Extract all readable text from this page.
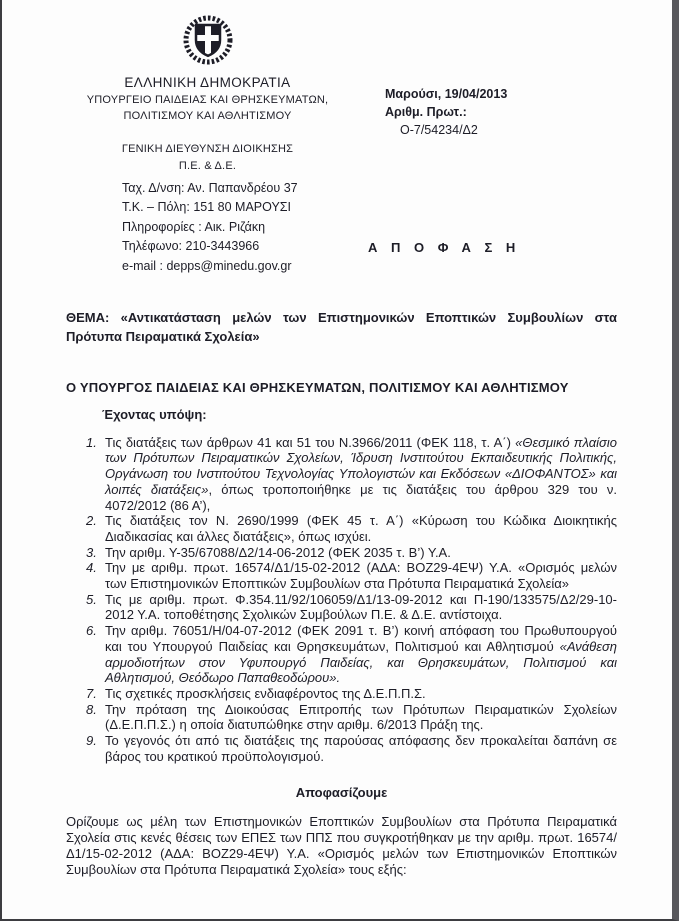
ΕΛΛΗΝΙΚΗ ΔΗΜΟΚΡΑΤΙΑ
ΥΠΟΥΡΓΕΙΟ ΠΑΙΔΕΙΑΣ ΚΑΙ ΘΡΗΣΚΕΥΜΑΤΩΝ,
ΠΟΛΙΤΙΣΜΟΥ ΚΑΙ ΑΘΛΗΤΙΣΜΟΥ
ΓΕΝΙΚΗ ΔΙΕΥΘΥΝΣΗ ΔΙΟΙΚΗΣΗΣ
Π.Ε. & Δ.Ε.
Ταχ. Δ/νση: Αν. Παπανδρέου 37
Τ.Κ. – Πόλη: 151 80 ΜΑΡΟΥΣΙ
Πληροφορίες : Αικ. Ριζάκη
Τηλέφωνο: 210-3443966
e-mail : depps@minedu.gov.gr
Μαρούσι, 19/04/2013
Αριθμ. Πρωτ.:
Ο-7/54234/Δ2
Α Π Ο Φ Α Σ Η
ΘΕΜΑ: «Αντικατάσταση μελών των Επιστημονικών Εποπτικών Συμβουλίων στα Πρότυπα Πειραματικά Σχολεία»
Ο ΥΠΟΥΡΓΟΣ ΠΑΙΔΕΙΑΣ ΚΑΙ ΘΡΗΣΚΕΥΜΑΤΩΝ, ΠΟΛΙΤΙΣΜΟΥ ΚΑΙ ΑΘΛΗΤΙΣΜΟΥ
Έχοντας υπόψη:
1. Τις διατάξεις των άρθρων 41 και 51 του Ν.3966/2011 (ΦΕΚ 118, τ. Α΄) «Θεσμικό πλαίσιο των Πρότυπων Πειραματικών Σχολείων, Ίδρυση Ινστιτούτου Εκπαιδευτικής Πολιτικής, Οργάνωση του Ινστιτούτου Τεχνολογίας Υπολογιστών και Εκδόσεων «ΔΙΟΦΑΝΤΟΣ» και λοιπές διατάξεις», όπως τροποποιήθηκε με τις διατάξεις του άρθρου 329 του ν. 4072/2012 (86 Α’),
2. Τις διατάξεις τον Ν. 2690/1999 (ΦΕΚ 45 τ. Α΄) «Κύρωση του Κώδικα Διοικητικής Διαδικασίας και άλλες διατάξεις», όπως ισχύει.
3. Την αριθμ. Υ-35/67088/Δ2/14-06-2012 (ΦΕΚ 2035 τ. Β’) Υ.Α.
4. Την με αριθμ. πρωτ. 16574/Δ1/15-02-2012 (ΑΔΑ: ΒΟΖ29-4ΕΨ) Υ.Α. «Ορισμός μελών των Επιστημονικών Εποπτικών Συμβουλίων στα Πρότυπα Πειραματικά Σχολεία»
5. Τις με αριθμ. πρωτ. Φ.354.11/92/106059/Δ1/13-09-2012 και Π-190/133575/Δ2/29-10-2012 Υ.Α. τοποθέτησης Σχολικών Συμβούλων Π.Ε. & Δ.Ε. αντίστοιχα.
6. Την αριθμ. 76051/Η/04-07-2012 (ΦΕΚ 2091 τ. Β’) κοινή απόφαση του Πρωθυπουργού και του Υπουργού Παιδείας και Θρησκευμάτων, Πολιτισμού και Αθλητισμού «Ανάθεση αρμοδιοτήτων στον Υφυπουργό Παιδείας, και Θρησκευμάτων, Πολιτισμού και Αθλητισμού, Θεόδωρο Παπαθεοδώρου».
7. Τις σχετικές προσκλήσεις ενδιαφέροντος της Δ.Ε.Π.Π.Σ.
8. Την πρόταση της Διοικούσας Επιτροπής των Πρότυπων Πειραματικών Σχολείων (Δ.Ε.Π.Π.Σ.) η οποία διατυπώθηκε στην αριθμ. 6/2013 Πράξη της.
9. Το γεγονός ότι από τις διατάξεις της παρούσας απόφασης δεν προκαλείται δαπάνη σε βάρος του κρατικού προϋπολογισμού.
Αποφασίζουμε
Ορίζουμε ως μέλη των Επιστημονικών Εποπτικών Συμβουλίων στα Πρότυπα Πειραματικά Σχολεία στις κενές θέσεις των ΕΠΕΣ των ΠΠΣ που συγκροτήθηκαν με την αριθμ. πρωτ. 16574/Δ1/15-02-2012 (ΑΔΑ: ΒΟΖ29-4ΕΨ) Υ.Α. «Ορισμός μελών των Επιστημονικών Εποπτικών Συμβουλίων στα Πρότυπα Πειραματικά Σχολεία» τους εξής:
